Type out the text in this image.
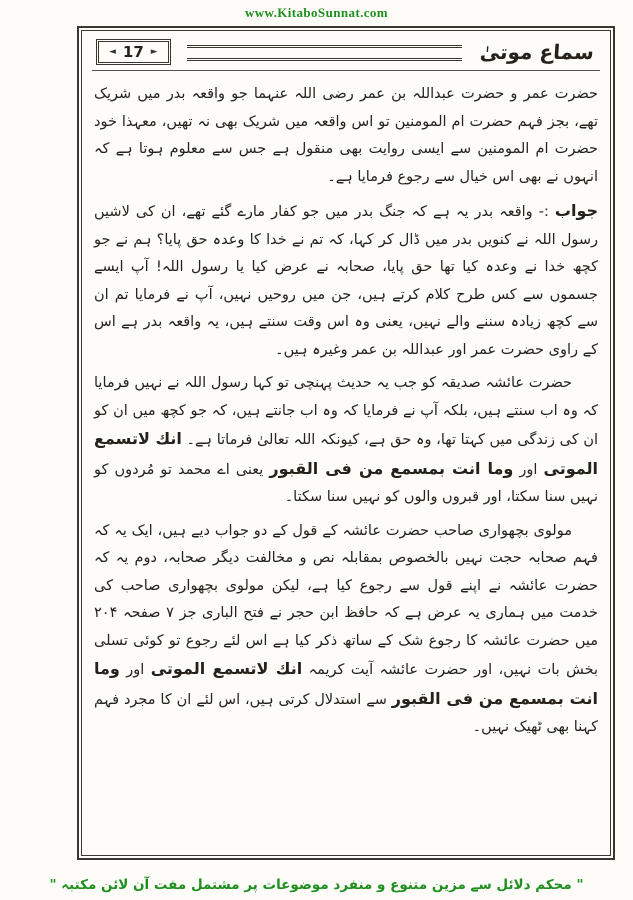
www.KitaboSunnat.com
سماع موتیٰ
◄ 17 ►

حضرت عمر و حضرت عبداللہ بن عمر رضی اللہ عنہما جو واقعہ بدر میں شریک تھے، بجز فہم حضرت ام المومنین تو اس واقعہ میں شریک بھی نہ تھیں، معہذا خود حضرت ام المومنین سے ایسی روایت بھی منقول ہے جس سے معلوم ہوتا ہے کہ انہوں نے بھی اس خیال سے رجوع فرمایا ہے۔

جواب :- واقعہ بدر یہ ہے کہ جنگ بدر میں جو کفار مارے گئے تھے، ان کی لاشیں رسول اللہ نے کنویں بدر میں ڈال کر کہا، کہ تم نے خدا کا وعدہ حق پایا؟ ہم نے جو کچھ خدا نے وعدہ کیا تھا حق پایا، صحابہ نے عرض کیا یا رسول اللہ! آپ ایسے جسموں سے کس طرح کلام کرتے ہیں، جن میں روحیں نہیں، آپ نے فرمایا تم ان سے کچھ زیادہ سننے والے نہیں، یعنی وہ اس وقت سنتے ہیں، یہ واقعہ بدر ہے اس کے راوی حضرت عمر اور عبداللہ بن عمر وغیرہ ہیں۔

حضرت عائشہ صدیقہ کو جب یہ حدیث پہنچی تو کہا رسول اللہ نے نہیں فرمایا کہ وہ اب سنتے ہیں، بلکہ آپ نے فرمایا کہ وہ اب جانتے ہیں، کہ جو کچھ میں ان کو ان کی زندگی میں کہتا تھا، وہ حق ہے، کیونکہ اللہ تعالیٰ فرماتا ہے۔ انك لاتسمع الموتى اور وما انت بمسمع من فى القبور یعنی اے محمد تو مُردوں کو نہیں سنا سکتا، اور قبروں والوں کو نہیں سنا سکتا۔

مولوی بچھواری صاحب حضرت عائشہ کے قول کے دو جواب دیے ہیں، ایک یہ کہ فہم صحابہ حجت نہیں بالخصوص بمقابلہ نص و مخالفت دیگر صحابہ، دوم یہ کہ حضرت عائشہ نے اپنے قول سے رجوع کیا ہے، لیکن مولوی بچھواری صاحب کی خدمت میں ہماری یہ عرض ہے کہ حافظ ابن حجر نے فتح الباری جز ۷ صفحہ ۲۰۴ میں حضرت عائشہ کا رجوع شک کے ساتھ ذکر کیا ہے اس لئے رجوع تو کوئی تسلی بخش بات نہیں، اور حضرت عائشہ آیت کریمہ انك لاتسمع الموتى اور وما انت بمسمع من فى القبور سے استدلال کرتی ہیں، اس لئے ان کا مجرد فہم کہنا بھی ٹھیک نہیں۔

" محکم دلائل سے مزین متنوع و منفرد موضوعات پر مشتمل مفت آن لائن مکتبہ "
